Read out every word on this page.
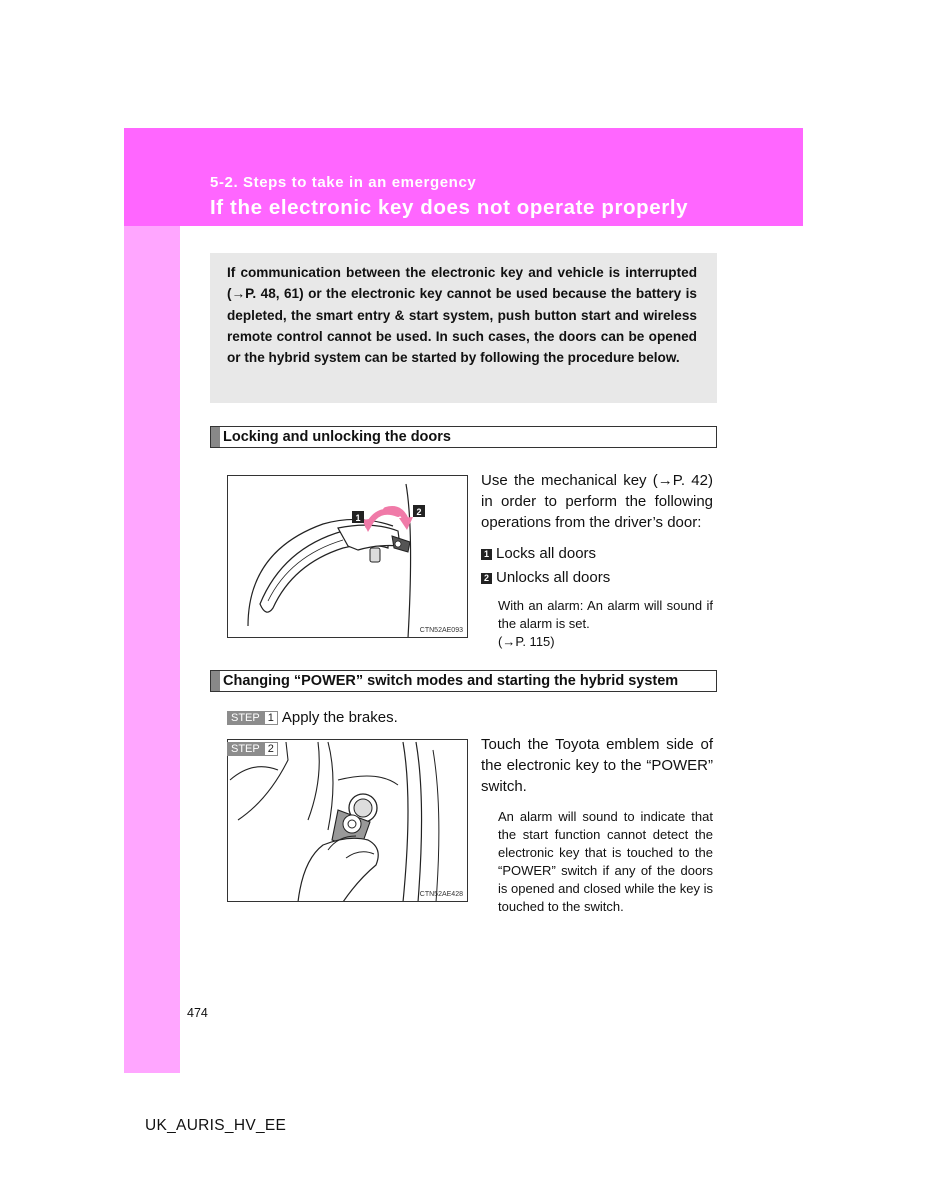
5-2. Steps to take in an emergency
If the electronic key does not operate properly
If communication between the electronic key and vehicle is interrupted (→P. 48, 61) or the electronic key cannot be used because the battery is depleted, the smart entry & start system, push button start and wireless remote control cannot be used. In such cases, the doors can be opened or the hybrid system can be started by following the procedure below.
Locking and unlocking the doors
1
2
CTN52AE093
Use the mechanical key (→P. 42) in order to perform the following operations from the driver’s door:
1 Locks all doors
2 Unlocks all doors
With an alarm: An alarm will sound if the alarm is set.
(→P. 115)
Changing “POWER” switch modes and starting the hybrid system
STEP 1 Apply the brakes.
STEP 2
CTN52AE428
Touch the Toyota emblem side of the electronic key to the “POWER” switch.
An alarm will sound to indicate that the start function cannot detect the electronic key that is touched to the “POWER” switch if any of the doors is opened and closed while the key is touched to the switch.
474
UK_AURIS_HV_EE
